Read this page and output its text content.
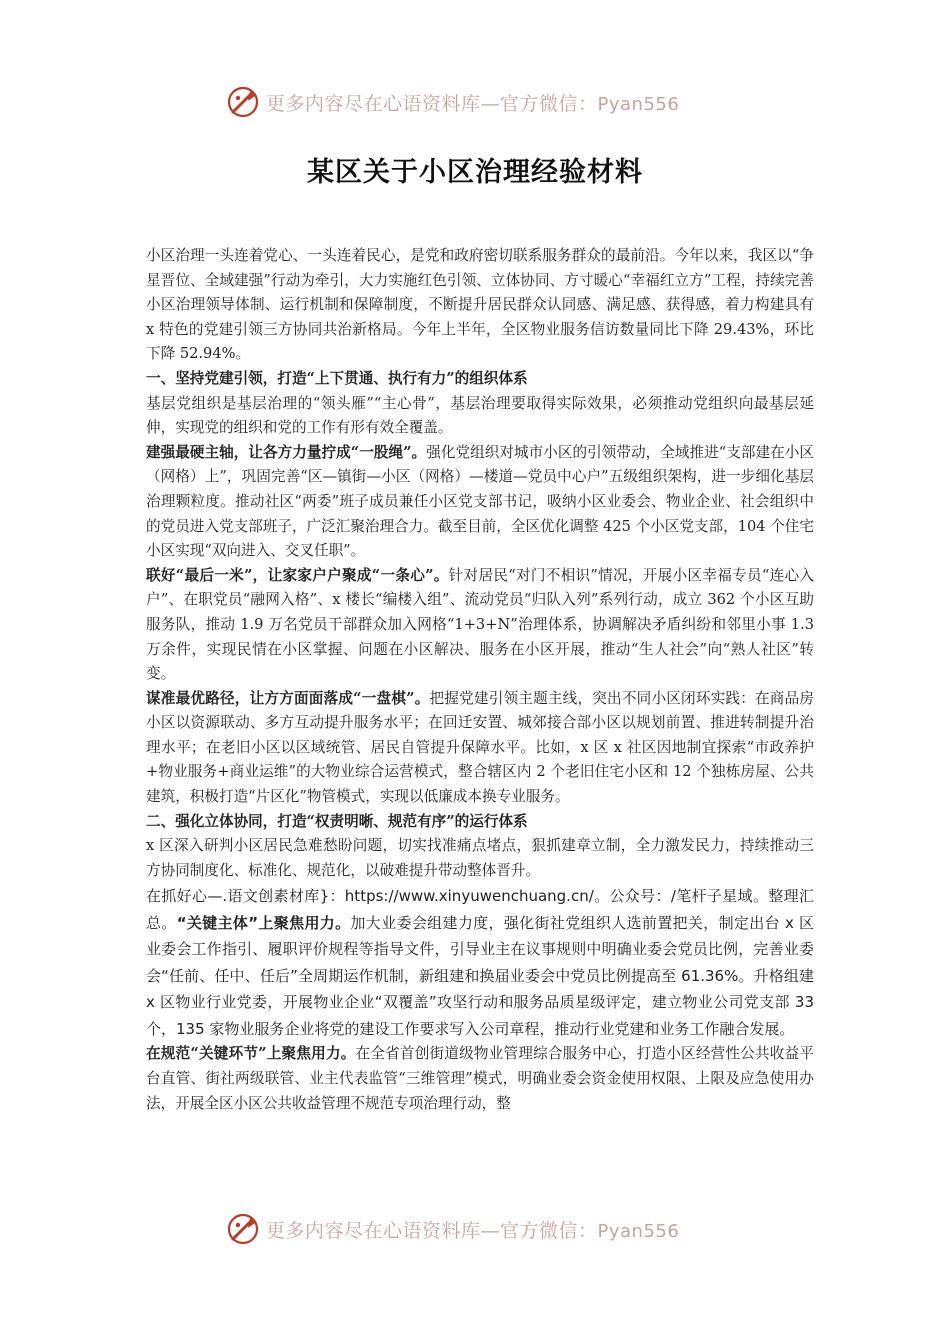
更多内容尽在心语资料库—官方微信：Pyan556
某区关于小区治理经验材料

小区治理一头连着党心、一头连着民心，是党和政府密切联系服务群众的最前沿。今年以来，我区以“争星晋位、全域建强”行动为牵引，大力实施红色引领、立体协同、方寸暖心“幸福红立方”工程，持续完善小区治理领导体制、运行机制和保障制度，不断提升居民群众认同感、满足感、获得感，着力构建具有 x 特色的党建引领三方协同共治新格局。今年上半年，全区物业服务信访数量同比下降 29.43%，环比下降 52.94%。

一、坚持党建引领，打造“上下贯通、执行有力”的组织体系

基层党组织是基层治理的“领头雁”“主心骨”，基层治理要取得实际效果，必须推动党组织向最基层延伸，实现党的组织和党的工作有形有效全覆盖。

建强最硬主轴，让各方力量拧成“一股绳”。强化党组织对城市小区的引领带动，全域推进“支部建在小区（网格）上”，巩固完善“区—镇街—小区（网格）—楼道—党员中心户”五级组织架构，进一步细化基层治理颗粒度。推动社区“两委”班子成员兼任小区党支部书记，吸纳小区业委会、物业企业、社会组织中的党员进入党支部班子，广泛汇聚治理合力。截至目前，全区优化调整 425 个小区党支部，104 个住宅小区实现“双向进入、交叉任职”。

联好“最后一米”，让家家户户聚成“一条心”。针对居民“对门不相识”情况，开展小区幸福专员“连心入户”、在职党员“融网入格”、x 楼长“编楼入组”、流动党员“归队入列”系列行动，成立 362 个小区互助服务队，推动 1.9 万名党员干部群众加入网格“1+3+N”治理体系，协调解决矛盾纠纷和邻里小事 1.3 万余件，实现民情在小区掌握、问题在小区解决、服务在小区开展，推动“生人社会”向“熟人社区”转变。

谋准最优路径，让方方面面落成“一盘棋”。把握党建引领主题主线，突出不同小区闭环实践：在商品房小区以资源联动、多方互动提升服务水平；在回迁安置、城郊接合部小区以规划前置、推进转制提升治理水平；在老旧小区以区域统管、居民自管提升保障水平。比如，x 区 x 社区因地制宜探索“市政养护+物业服务+商业运维”的大物业综合运营模式，整合辖区内 2 个老旧住宅小区和 12 个独栋房屋、公共建筑，积极打造“片区化”物管模式，实现以低廉成本换专业服务。

二、强化立体协同，打造“权责明晰、规范有序”的运行体系

x 区深入研判小区居民急难愁盼问题，切实找准痛点堵点，狠抓建章立制，全力激发民力，持续推动三方协同制度化、标准化、规范化，以破难提升带动整体晋升。

在抓好心—.语文创素材库}：https://www.xinyuwenchuang.cn/。公众号：/笔杆子星域。整理汇总。“关键主体”上聚焦用力。加大业委会组建力度，强化街社党组织人选前置把关，制定出台 x 区业委会工作指引、履职评价规程等指导文件，引导业主在议事规则中明确业委会党员比例，完善业委会“任前、任中、任后”全周期运作机制，新组建和换届业委会中党员比例提高至 61.36%。升格组建 x 区物业行业党委，开展物业企业“双覆盖”攻坚行动和服务品质星级评定，建立物业公司党支部 33 个，135 家物业服务企业将党的建设工作要求写入公司章程，推动行业党建和业务工作融合发展。

在规范“关键环节”上聚焦用力。在全省首创街道级物业管理综合服务中心，打造小区经营性公共收益平台直管、街社两级联管、业主代表监管“三维管理”模式，明确业委会资金使用权限、上限及应急使用办法，开展全区小区公共收益管理不规范专项治理行动，整

更多内容尽在心语资料库—官方微信：Pyan556
